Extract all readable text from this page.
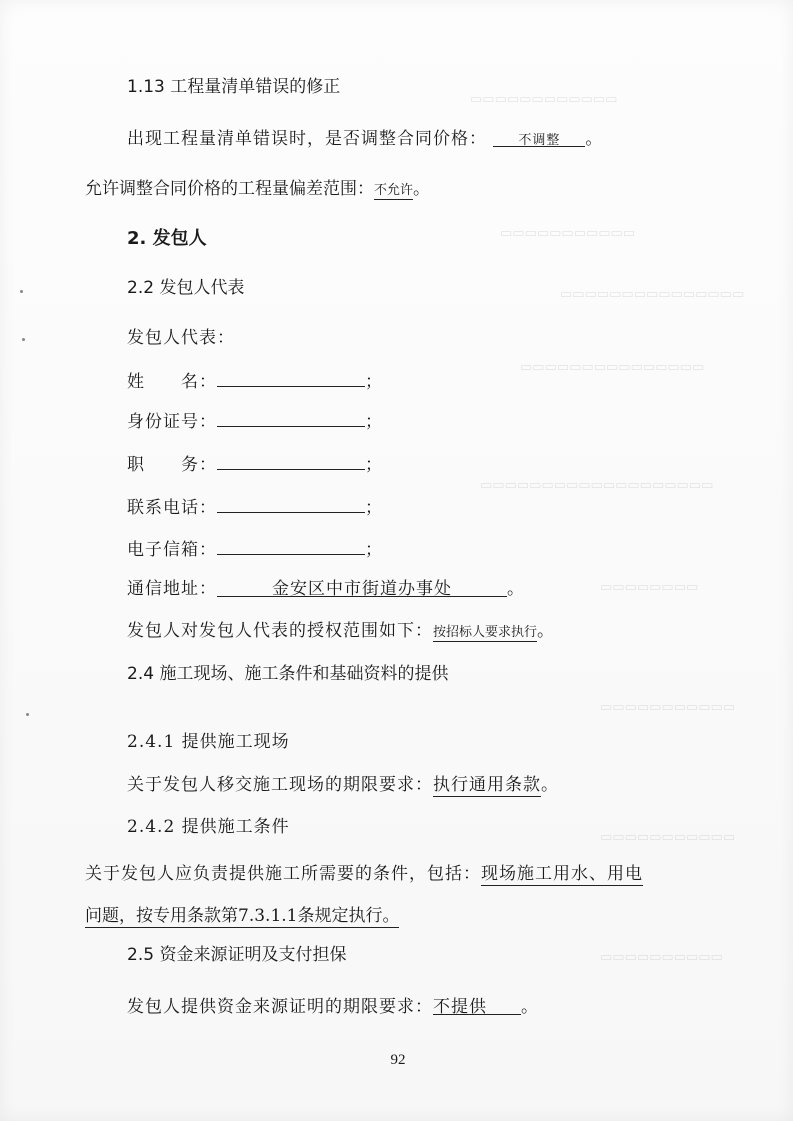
▭▭▭▭▭▭▭▭▭▭▭▭
▭▭▭▭▭▭▭▭▭▭▭
▭▭▭▭▭▭▭▭▭▭▭▭▭▭▭
▭▭▭▭▭▭▭▭▭▭▭▭▭▭▭
▭▭▭▭▭▭▭▭▭▭▭▭▭▭▭▭▭▭▭
▭▭▭▭▭▭▭▭
▭▭▭▭▭▭▭▭▭▭▭
▭▭▭▭▭▭▭▭▭▭▭
▭▭▭▭▭▭▭▭▭▭
1.13 工程量清单错误的修正
出现工程量清单错误时，是否调整合同价格： 不调整 。
允许调整合同价格的工程量偏差范围：不允许。
2. 发包人
2.2 发包人代表
发包人代表：
姓　　名：	；
身份证号：	；
职　　务：	；
联系电话：	；
电子信箱：	；
通信地址：	金安区中市街道办事处	。
发包人对发包人代表的授权范围如下：按招标人要求执行。
2.4 施工现场、施工条件和基础资料的提供
2.4.1 提供施工现场
关于发包人移交施工现场的期限要求：执行通用条款。
2.4.2 提供施工条件
关于发包人应负责提供施工所需要的条件，包括：现场施工用水、用电
问题，按专用条款第7.3.1.1条规定执行。
2.5 资金来源证明及支付担保
发包人提供资金来源证明的期限要求：不提供 。
92
